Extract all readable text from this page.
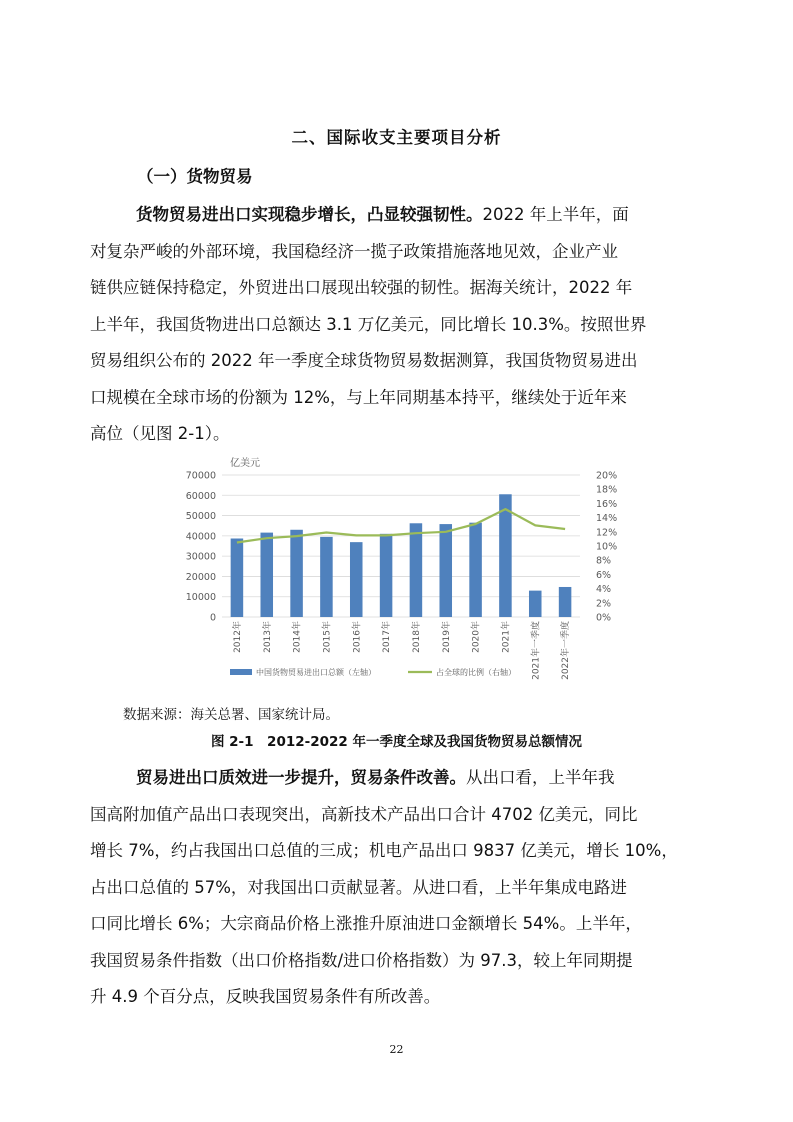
二、国际收支主要项目分析
（一）货物贸易
货物贸易进出口实现稳步增长，凸显较强韧性。2022 年上半年，面
对复杂严峻的外部环境，我国稳经济一揽子政策措施落地见效，企业产业
链供应链保持稳定，外贸进出口展现出较强的韧性。据海关统计，2022 年
上半年，我国货物进出口总额达 3.1 万亿美元，同比增长 10.3%。按照世界
贸易组织公布的 2022 年一季度全球货物贸易数据测算，我国货物贸易进出
口规模在全球市场的份额为 12%，与上年同期基本持平，继续处于近年来
高位（见图 2-1）。
亿美元
0
10000
20000
30000
40000
50000
60000
70000
0%
2%
4%
6%
8%
10%
12%
14%
16%
18%
20%
2012年 2013年 2014年 2015年 2016年 2017年 2018年 2019年 2020年 2021年 2021年一季度 2022年一季度
中国货物贸易进出口总额（左轴）	占全球的比例（右轴）
数据来源：海关总署、国家统计局。
图 2-1　2012-2022 年一季度全球及我国货物贸易总额情况
贸易进出口质效进一步提升，贸易条件改善。从出口看，上半年我
国高附加值产品出口表现突出，高新技术产品出口合计 4702 亿美元，同比
增长 7%，约占我国出口总值的三成；机电产品出口 9837 亿美元，增长 10%，
占出口总值的 57%，对我国出口贡献显著。从进口看，上半年集成电路进
口同比增长 6%；大宗商品价格上涨推升原油进口金额增长 54%。上半年，
我国贸易条件指数（出口价格指数/进口价格指数）为 97.3，较上年同期提
升 4.9 个百分点，反映我国贸易条件有所改善。
22
